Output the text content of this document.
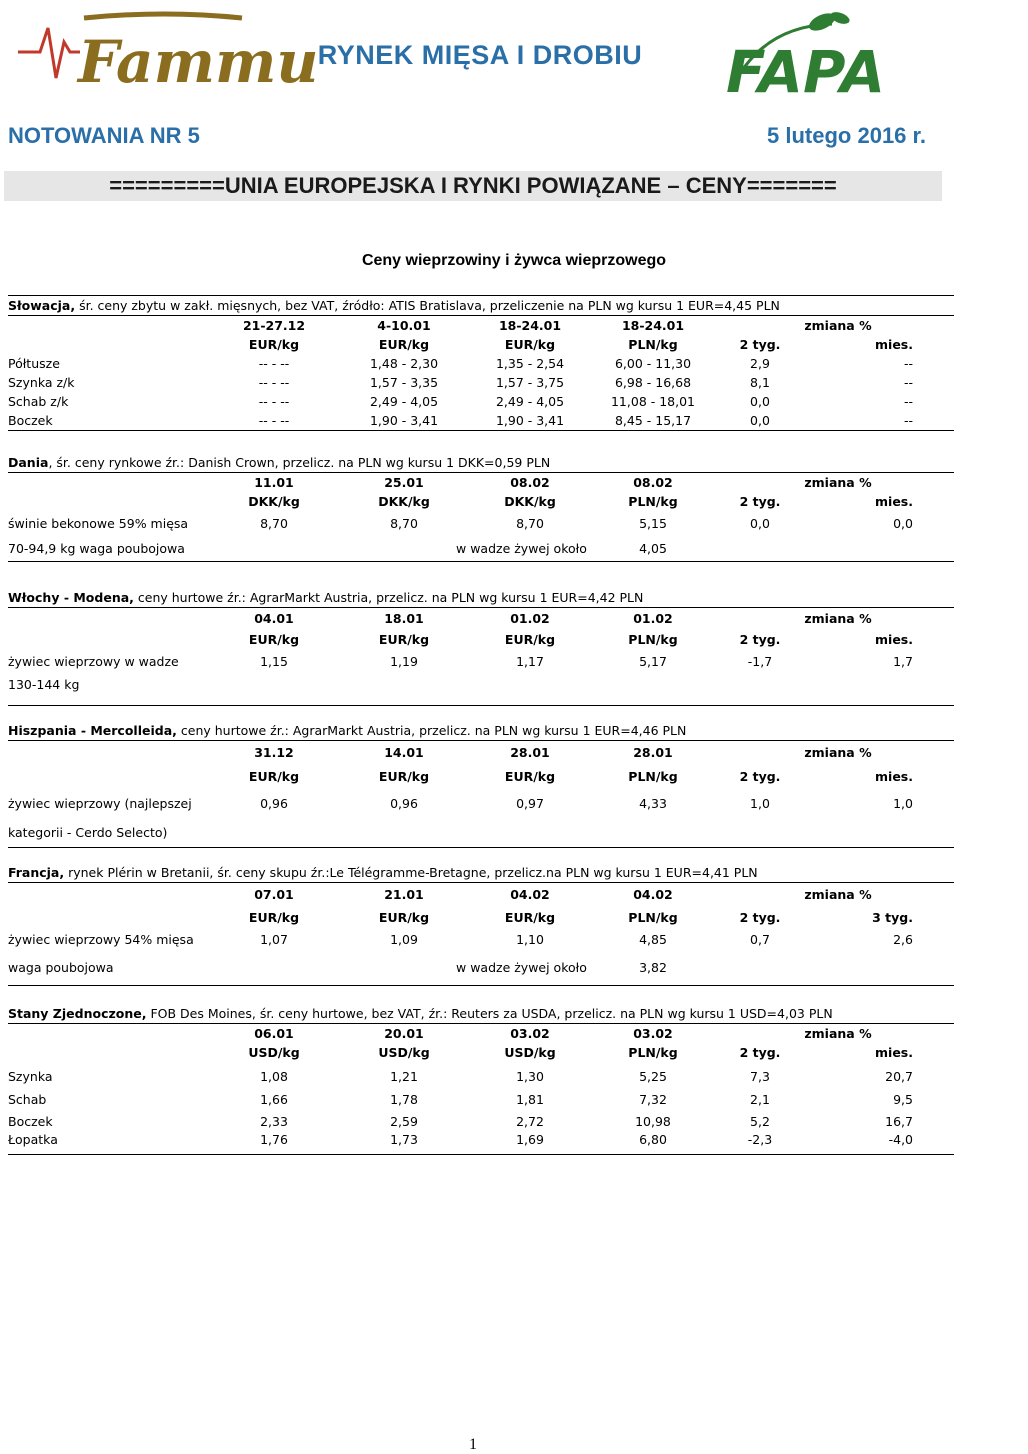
Fammu RYNEK MIĘSA I DROBIU	FAPA
NOTOWANIA NR 5	5 lutego 2016 r.
=========UNIA EUROPEJSKA I RYNKI POWIĄZANE – CENY=======
Ceny wieprzowiny i żywca wieprzowego
Słowacja, śr. ceny zbytu w zakł. mięsnych, bez VAT, źródło: ATIS Bratislava, przeliczenie na PLN wg kursu 1 EUR=4,45 PLN
21-27.12	4-10.01	18-24.01	18-24.01	zmiana %
EUR/kg	EUR/kg	EUR/kg	PLN/kg	2 tyg.	mies.
Półtusze	-- - --	1,48 - 2,30	1,35 - 2,54	6,00 - 11,30	2,9	--
Szynka z/k	-- - --	1,57 - 3,35	1,57 - 3,75	6,98 - 16,68	8,1	--
Schab z/k	-- - --	2,49 - 4,05	2,49 - 4,05	11,08 - 18,01	0,0	--
Boczek	-- - --	1,90 - 3,41	1,90 - 3,41	8,45 - 15,17	0,0	--
Dania, śr. ceny rynkowe źr.: Danish Crown, przelicz. na PLN wg kursu 1 DKK=0,59 PLN
11.01	25.01	08.02	08.02	zmiana %
DKK/kg	DKK/kg	DKK/kg	PLN/kg	2 tyg.	mies.
świnie bekonowe 59% mięsa	8,70	8,70	8,70	5,15	0,0	0,0
70-94,9 kg waga poubojowa	w wadze żywej około	4,05
Włochy - Modena, ceny hurtowe źr.: AgrarMarkt Austria, przelicz. na PLN wg kursu 1 EUR=4,42 PLN
04.01	18.01	01.02	01.02	zmiana %
EUR/kg	EUR/kg	EUR/kg	PLN/kg	2 tyg.	mies.
żywiec wieprzowy w wadze	1,15	1,19	1,17	5,17	-1,7	1,7
130-144 kg
Hiszpania - Mercolleida, ceny hurtowe źr.: AgrarMarkt Austria, przelicz. na PLN wg kursu 1 EUR=4,46 PLN
31.12	14.01	28.01	28.01	zmiana %
EUR/kg	EUR/kg	EUR/kg	PLN/kg	2 tyg.	mies.
żywiec wieprzowy (najlepszej	0,96	0,96	0,97	4,33	1,0	1,0
kategorii - Cerdo Selecto)
Francja, rynek Plérin w Bretanii, śr. ceny skupu źr.:Le Télégramme-Bretagne, przelicz.na PLN wg kursu 1 EUR=4,41 PLN
07.01	21.01	04.02	04.02	zmiana %
EUR/kg	EUR/kg	EUR/kg	PLN/kg	2 tyg.	3 tyg.
żywiec wieprzowy 54% mięsa	1,07	1,09	1,10	4,85	0,7	2,6
waga poubojowa	w wadze żywej około	3,82
Stany Zjednoczone, FOB Des Moines, śr. ceny hurtowe, bez VAT, źr.: Reuters za USDA, przelicz. na PLN wg kursu 1 USD=4,03 PLN
06.01	20.01	03.02	03.02	zmiana %
USD/kg	USD/kg	USD/kg	PLN/kg	2 tyg.	mies.
Szynka	1,08	1,21	1,30	5,25	7,3	20,7
Schab	1,66	1,78	1,81	7,32	2,1	9,5
Boczek	2,33	2,59	2,72	10,98	5,2	16,7
Łopatka	1,76	1,73	1,69	6,80	-2,3	-4,0
1
